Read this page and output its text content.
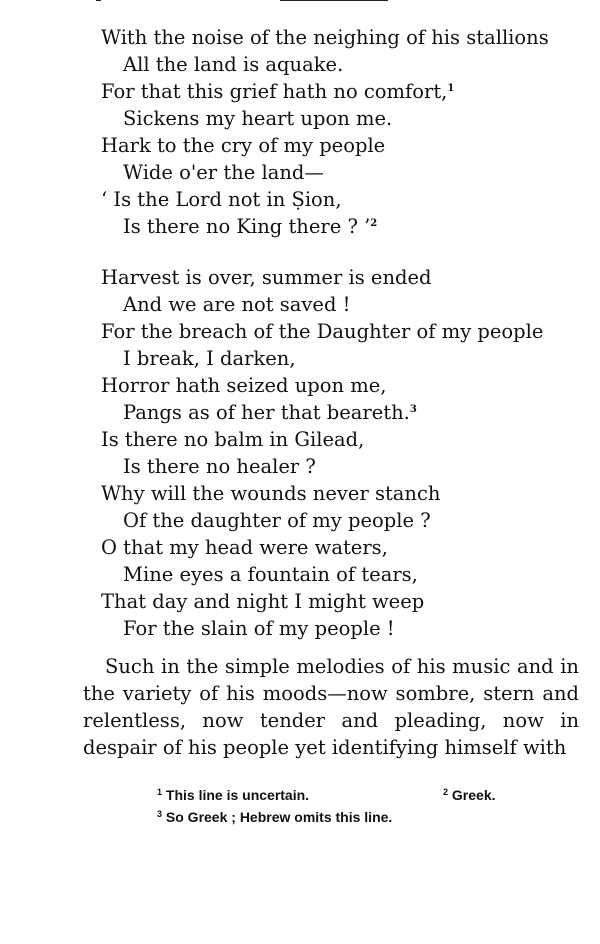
With the noise of the neighing of his stallions
All the land is aquake.
For that this grief hath no comfort,$^1$
Sickens my heart upon me.
Hark to the cry of my people
Wide o'er the land—
‘ Is the Lord not in Ṣion,
Is there no King there ? ’$^2$
Harvest is over, summer is ended
And we are not saved !
For the breach of the Daughter of my people
I break, I darken,
Horror hath seized upon me,
Pangs as of her that beareth.$^3$
Is there no balm in Gilead,
Is there no healer ?
Why will the wounds never stanch
Of the daughter of my people ?
O that my head were waters,
Mine eyes a fountain of tears,
That day and night I might weep
For the slain of my people !

Such in the simple melodies of his music and in the variety of his moods—now sombre, stern and relentless, now tender and pleading, now in despair of his people yet identifying himself with

$^1$ This line is uncertain.	$^2$ Greek.
$^3$ So Greek ; Hebrew omits this line.
